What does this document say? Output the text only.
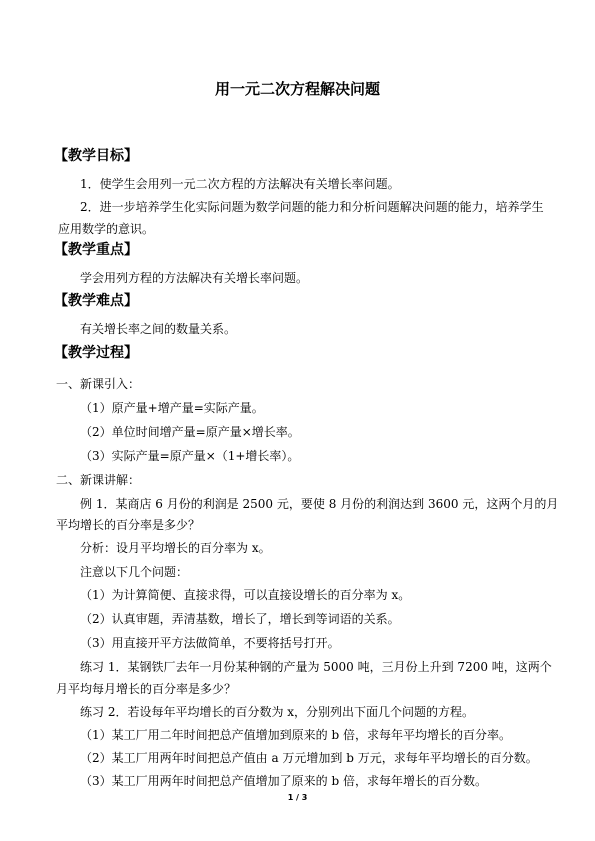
用一元二次方程解决问题
【教学目标】
1．使学生会用列一元二次方程的方法解决有关增长率问题。
2．进一步培养学生化实际问题为数学问题的能力和分析问题解决问题的能力，培养学生
应用数学的意识。
【教学重点】
学会用列方程的方法解决有关增长率问题。
【教学难点】
有关增长率之间的数量关系。
【教学过程】
一、新课引入：
（1）原产量+增产量=实际产量。
（2）单位时间增产量=原产量×增长率。
（3）实际产量=原产量×（1+增长率）。
二、新课讲解：
例 1．某商店 6 月份的利润是 2500 元，要使 8 月份的利润达到 3600 元，这两个月的月
平均增长的百分率是多少？
分析：设月平均增长的百分率为 x。
注意以下几个问题：
（1）为计算简便、直接求得，可以直接设增长的百分率为 x。
（2）认真审题，弄清基数，增长了，增长到等词语的关系。
（3）用直接开平方法做简单，不要将括号打开。
练习 1．某钢铁厂去年一月份某种钢的产量为 5000 吨，三月份上升到 7200 吨，这两个
月平均每月增长的百分率是多少？
练习 2．若设每年平均增长的百分数为 x，分别列出下面几个问题的方程。
（1）某工厂用二年时间把总产值增加到原来的 b 倍，求每年平均增长的百分率。
（2）某工厂用两年时间把总产值由 a 万元增加到 b 万元，求每年平均增长的百分数。
（3）某工厂用两年时间把总产值增加了原来的 b 倍，求每年增长的百分数。
1 / 3
